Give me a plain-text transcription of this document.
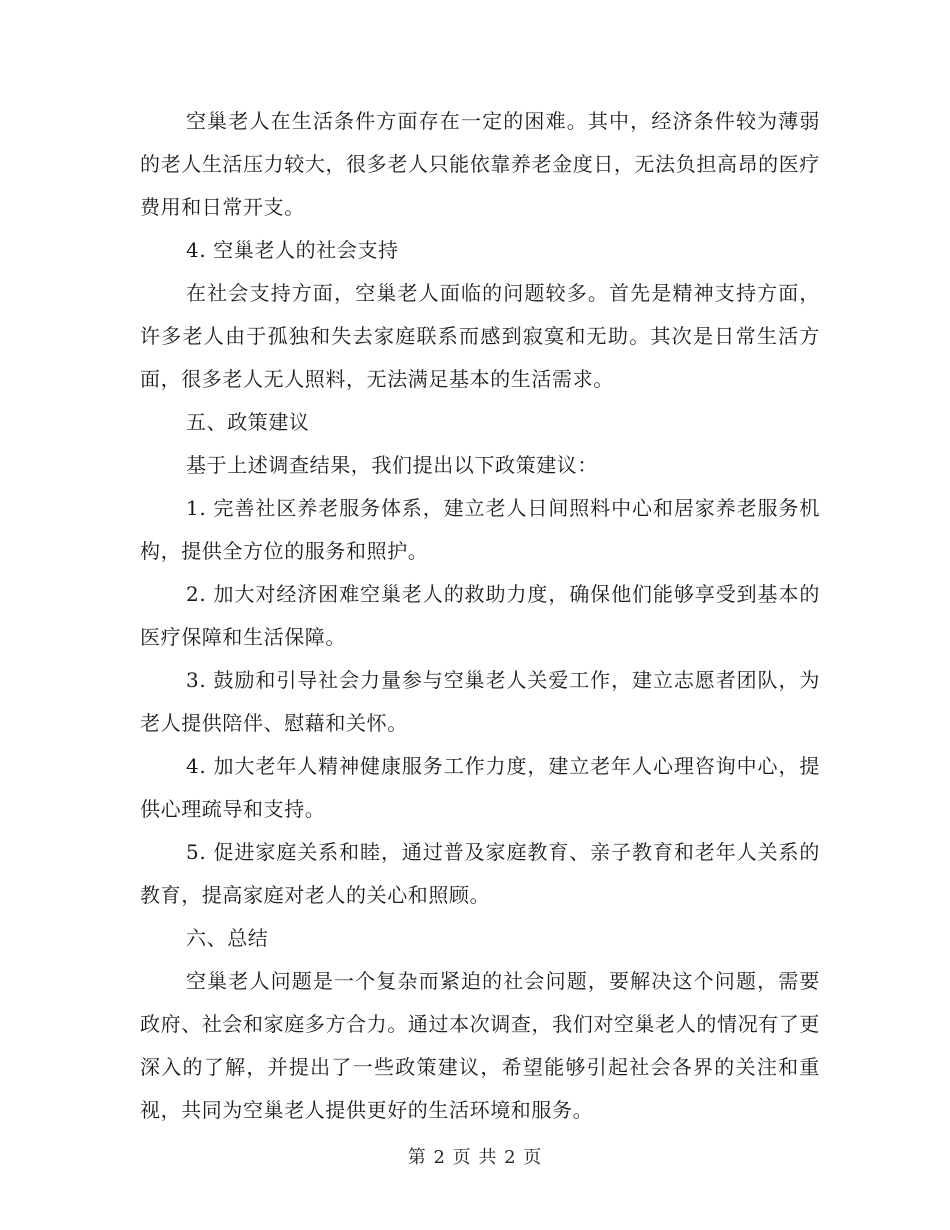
空巢老人在生活条件方面存在一定的困难。其中，经济条件较为薄弱的老人生活压力较大，很多老人只能依靠养老金度日，无法负担高昂的医疗费用和日常开支。

4. 空巢老人的社会支持

在社会支持方面，空巢老人面临的问题较多。首先是精神支持方面，许多老人由于孤独和失去家庭联系而感到寂寞和无助。其次是日常生活方面，很多老人无人照料，无法满足基本的生活需求。

五、政策建议

基于上述调查结果，我们提出以下政策建议：

1. 完善社区养老服务体系，建立老人日间照料中心和居家养老服务机构，提供全方位的服务和照护。

2. 加大对经济困难空巢老人的救助力度，确保他们能够享受到基本的医疗保障和生活保障。

3. 鼓励和引导社会力量参与空巢老人关爱工作，建立志愿者团队，为老人提供陪伴、慰藉和关怀。

4. 加大老年人精神健康服务工作力度，建立老年人心理咨询中心，提供心理疏导和支持。

5. 促进家庭关系和睦，通过普及家庭教育、亲子教育和老年人关系的教育，提高家庭对老人的关心和照顾。

六、总结

空巢老人问题是一个复杂而紧迫的社会问题，要解决这个问题，需要政府、社会和家庭多方合力。通过本次调查，我们对空巢老人的情况有了更深入的了解，并提出了一些政策建议，希望能够引起社会各界的关注和重视，共同为空巢老人提供更好的生活环境和服务。

第 2 页 共 2 页
